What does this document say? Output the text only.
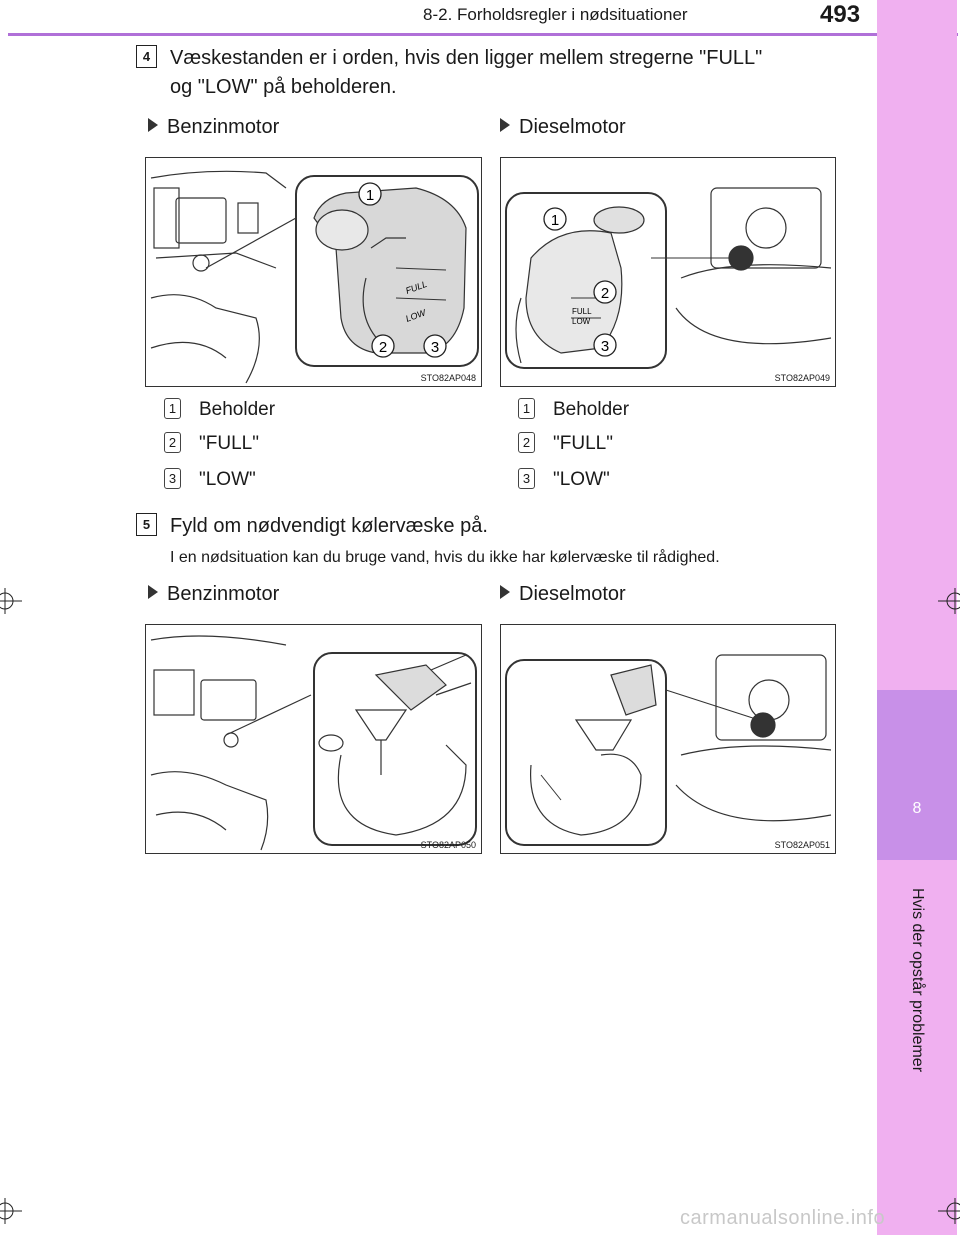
8-2. Forholdsregler i nødsituationer	493
8
Hvis der opstår problemer
4 Væskestanden er i orden, hvis den ligger mellem stregerne "FULL"
og "LOW" på beholderen.
Benzinmotor	Dieselmotor
STO82AP048
1
2	3
FULL
LOW
STO82AP049
1
2
3
FULL
LOW
1 Beholder
2 "FULL"
3 "LOW"
1 Beholder
2 "FULL"
3 "LOW"
5 Fyld om nødvendigt kølervæske på.
I en nødsituation kan du bruge vand, hvis du ikke har kølervæske til rådighed.
Benzinmotor	Dieselmotor
STO82AP050	STO82AP051
carmanualsonline.info
